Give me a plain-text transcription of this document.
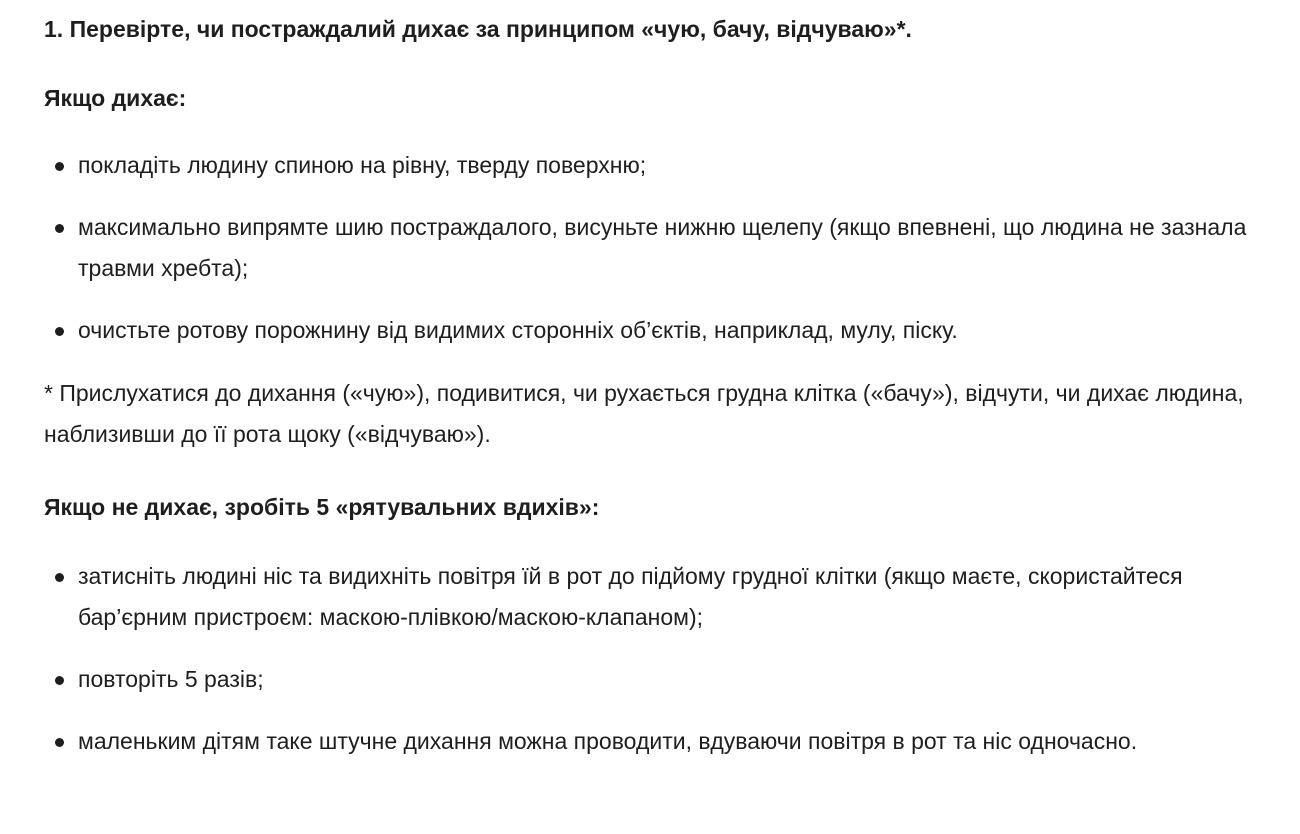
1. Перевірте, чи постраждалий дихає за принципом «чую, бачу, відчуваю»*.
Якщо дихає:
покладіть людину спиною на рівну, тверду поверхню;
максимально випрямте шию постраждалого, висуньте нижню щелепу (якщо впевнені, що людина не зазнала травми хребта);
очистьте ротову порожнину від видимих сторонніх об’єктів, наприклад, мулу, піску.

* Прислухатися до дихання («чую»), подивитися, чи рухається грудна клітка («бачу»), відчути, чи дихає людина, наблизивши до її рота щоку («відчуваю»).

Якщо не дихає, зробіть 5 «рятувальних вдихів»:
затисніть людині ніс та видихніть повітря їй в рот до підйому грудної клітки (якщо маєте, скористайтеся бар’єрним пристроєм: маскою-плівкою/маскою-клапаном);
повторіть 5 разів;
маленьким дітям таке штучне дихання можна проводити, вдуваючи повітря в рот та ніс одночасно.
